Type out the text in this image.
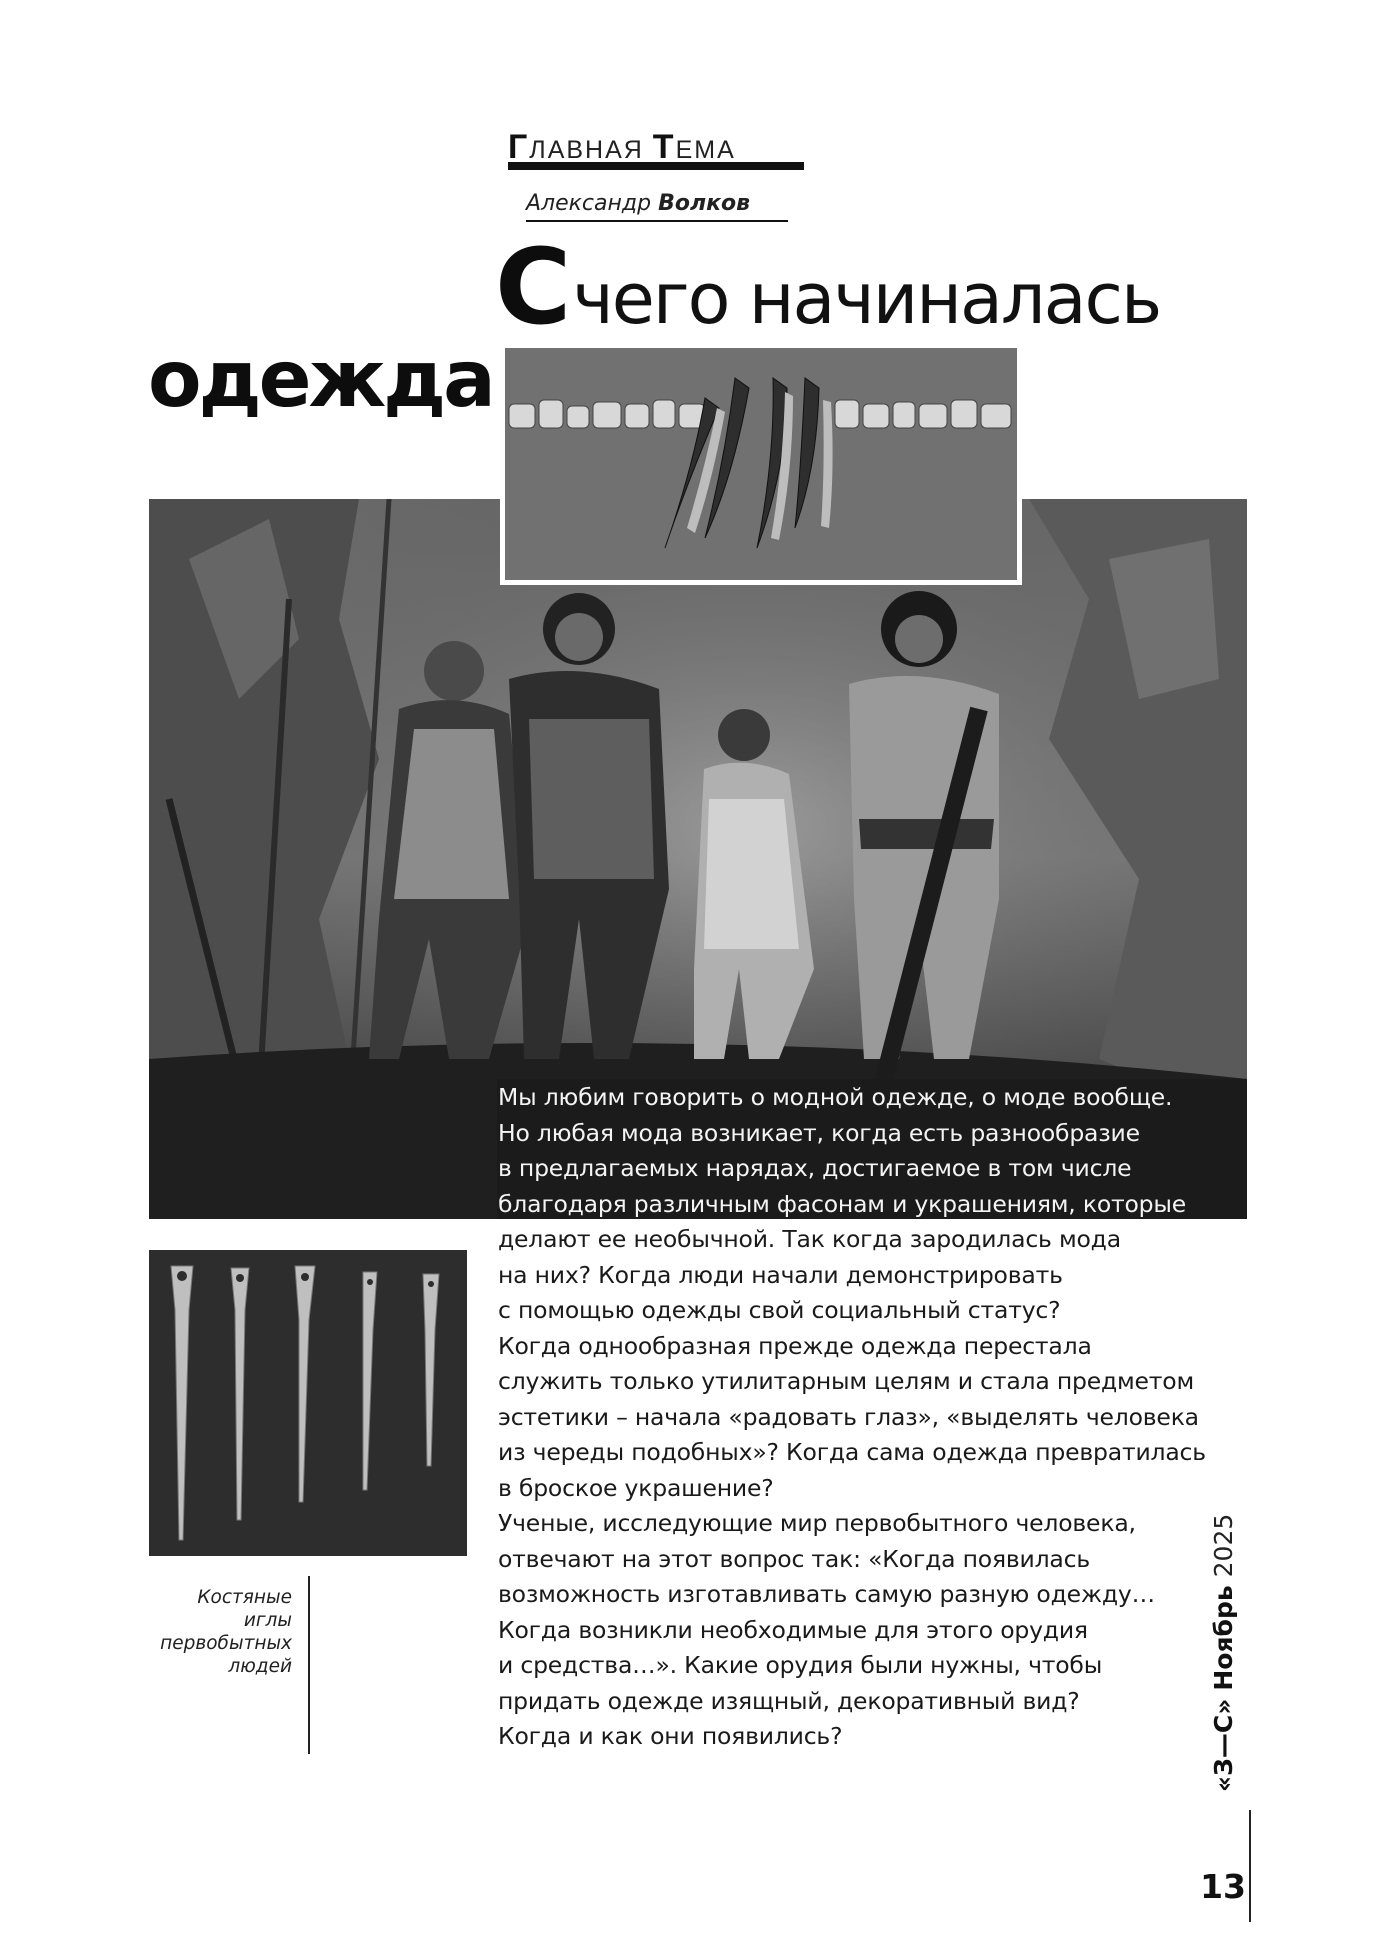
ГЛАВНАЯ ТЕМА
Александр Волков
С чего начиналась
одежда
Мы любим говорить о модной одежде, о моде вообще.
Но любая мода возникает, когда есть разнообразие
в предлагаемых нарядах, достигаемое в том числе
благодаря различным фасонам и украшениям, которые
делают ее необычной. Так когда зародилась мода
на них? Когда люди начали демонстрировать
с помощью одежды свой социальный статус?
Когда однообразная прежде одежда перестала
служить только утилитарным целям и стала предметом
эстетики – начала «радовать глаз», «выделять человека
из череды подобных»? Когда сама одежда превратилась
в броское украшение?
Ученые, исследующие мир первобытного человека,
отвечают на этот вопрос так: «Когда появилась
возможность изготавливать самую разную одежду…
Когда возникли необходимые для этого орудия
и средства…». Какие орудия были нужны, чтобы
придать одежде изящный, декоративный вид?
Когда и как они появились?
Костяные
иглы
первобытных
людей
«З—С» Ноябрь 2025
13
